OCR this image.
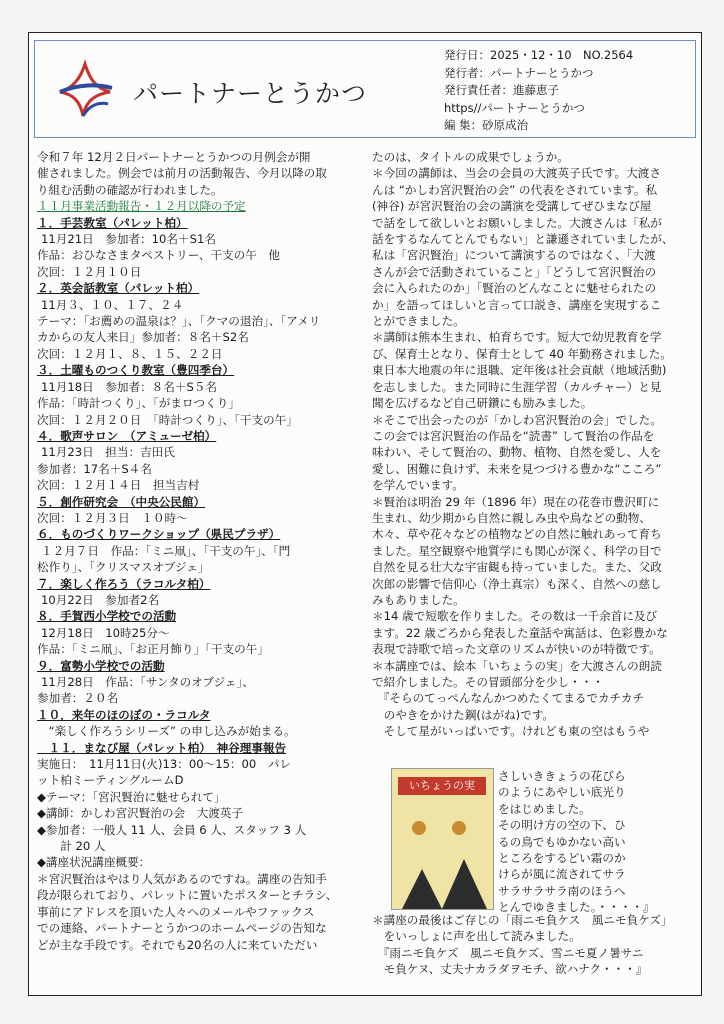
パートナーとうかつ
発行日：2025・12・10　NO.2564
発行者：パートナーとうかつ
発行責任者：進藤恵子
https//パートナーとうかつ
編 集：砂原成治
令和７年 12月２日パートナーとうかつの月例会が開
催されました。例会では前月の活動報告、今月以降の取
り組む活動の確認が行われました。
１１月事業活動報告・１２月以降の予定
１．手芸教室（パレット柏）
11月21日　参加者：10名＋S1名
作品：おひなさまタペストリー、干支の午　他
次回：１２月１０日
２．英会話教室（パレット柏）
11月３、１０、１７、２４
テーマ：「お薦めの温泉は？」、「クマの退治」、「アメリ
カからの友人来日」参加者：８名＋S2名
次回：１２月１、８、１５、２２日
３．土曜ものつくり教室（豊四季台）
11月18日　参加者：８名＋S５名
作品：「時計つくり」、「がまロつくり」
次回：１２月２０日　「時計つくり」、「干支の午」
４．歌声サロン　（アミューゼ柏）
11月23日　担当：吉田氏
参加者：17名＋S４名
次回：１２月１４日　担当吉村
５．創作研究会　（中央公民館）
次回：１２月３日　１０時～
６．ものづくりワークショップ（県民プラザ）
１２月７日　作品：「ミニ凧」、「干支の午」、「門
松作り」、「クリスマスオブジェ」
７．楽しく作ろう（ラコルタ柏）
10月22日　参加者2名
８．手賀西小学校での活動
12月18日　10時25分～
作品：「ミニ凧」、「お正月飾り」「干支の午」
９．富勢小学校での活動
11月28日　作品：「サンタのオブジェ」、
参加者：２０名
１０．来年のほのぼの・ラコルタ
　“楽しく作ろうシリーズ” の申し込みが始まる。
　１１．まなび屋（パレット柏）　神谷理事報告
実施日：　11月11日(火)13：00～15：00　パレ
ット柏ミーティングルームD
◆テーマ：「宮沢賢治に魅せられて」
◆講師：かしわ宮沢賢治の会　大渡英子
◆参加者：一般人 11 人、会員 6 人、スタッフ 3 人
　　計 20 人
◆講座状況講座概要：
＊宮沢賢治はやはり人気があるのですね。講座の告知手
段が限られており、パレットに置いたポスターとチラシ、
事前にアドレスを頂いた人々へのメールやファックス
での連絡、パートナーとうかつのホームページの告知な
どが主な手段です。それでも20名の人に来ていただい
たのは、タイトルの成果でしょうか。
＊今回の講師は、当会の会員の大渡英子氏です。大渡さ
んは “かしわ宮沢賢治の会” の代表をされています。私
(神谷) が宮沢賢治の会の講演を受講してぜひまなび屋
で話をして欲しいとお願いしました。大渡さんは「私が
話をするなんてとんでもない」と謙遜されていましたが、
私は「宮沢賢治」について講演するのではなく、「大渡
さんが会で活動されていること」「どうして宮沢賢治の
会に入られたのか」「賢治のどんなことに魅せられたの
か」を語ってほしいと言って口説き、講座を実現するこ
とができました。
＊講師は熊本生まれ、柏育ちです。短大で幼児教育を学
び、保育士となり、保育士として 40 年勤務されました。
東日本大地震の年に退職、定年後は社会貢献（地域活動)
を志しました。また同時に生涯学習（カルチャー）と見
聞を広げるなど自己研鑽にも励みました。
＊そこで出会ったのが「かしわ宮沢賢治の会」でした。
この会では宮沢賢治の作品を“読書” して賢治の作品を
味わい、そして賢治の、動物、植物、自然を愛し、人を
愛し、困難に負けず、未来を見つづける豊かな“こころ”
を学んでいます。
＊賢治は明治 29 年（1896 年）現在の花巻市豊沢町に
生まれ、幼少期から自然に親しみ虫や鳥などの動物、
木々、草や花々などの植物などの自然に触れあって育ち
ました。星空観察や地質学にも関心が深く、科学の目で
自然を見る壮大な宇宙観も持っていました。また、父政
次郎の影響で信仰心（浄土真宗）も深く、自然への慈し
みもありました。
＊14 歳で短歌を作りました。その数は一千余首に及び
ます。22 歳ごろから発表した童話や寓話は、色彩豊かな
表現で詩歌で培った文章のリズムが快いのが特徴です。
＊本講座では、絵本「いちょうの実」を大渡さんの朗読
で紹介しました。その冒頭部分を少し・・・
　『そらのてっぺんなんかつめたくてまるでカチカチ
　のやきをかけた鋼(はがね)です。
　そして星がいっぱいです。けれども東の空はもうや
いちょうの実
さしいききょうの花びら
のようにあやしい底光り
をはじめました。
その明け方の空の下、ひ
るの鳥でもゆかない高い
ところをするどい霜のか
けらが風に流されてサラ
サラサラサラ南のほうへ
とんでゆきました。・・・・』
＊講座の最後はご存じの「雨ニモ負ケス　風ニモ負ケズ」
　をいっしょに声を出して読みました。
　『雨ニモ負ケズ　風ニモ負ケズ、雪ニモ夏ノ暑サニ
　モ負ケヌ、丈夫ナカラダヲモチ、欲ハナク・・・』
